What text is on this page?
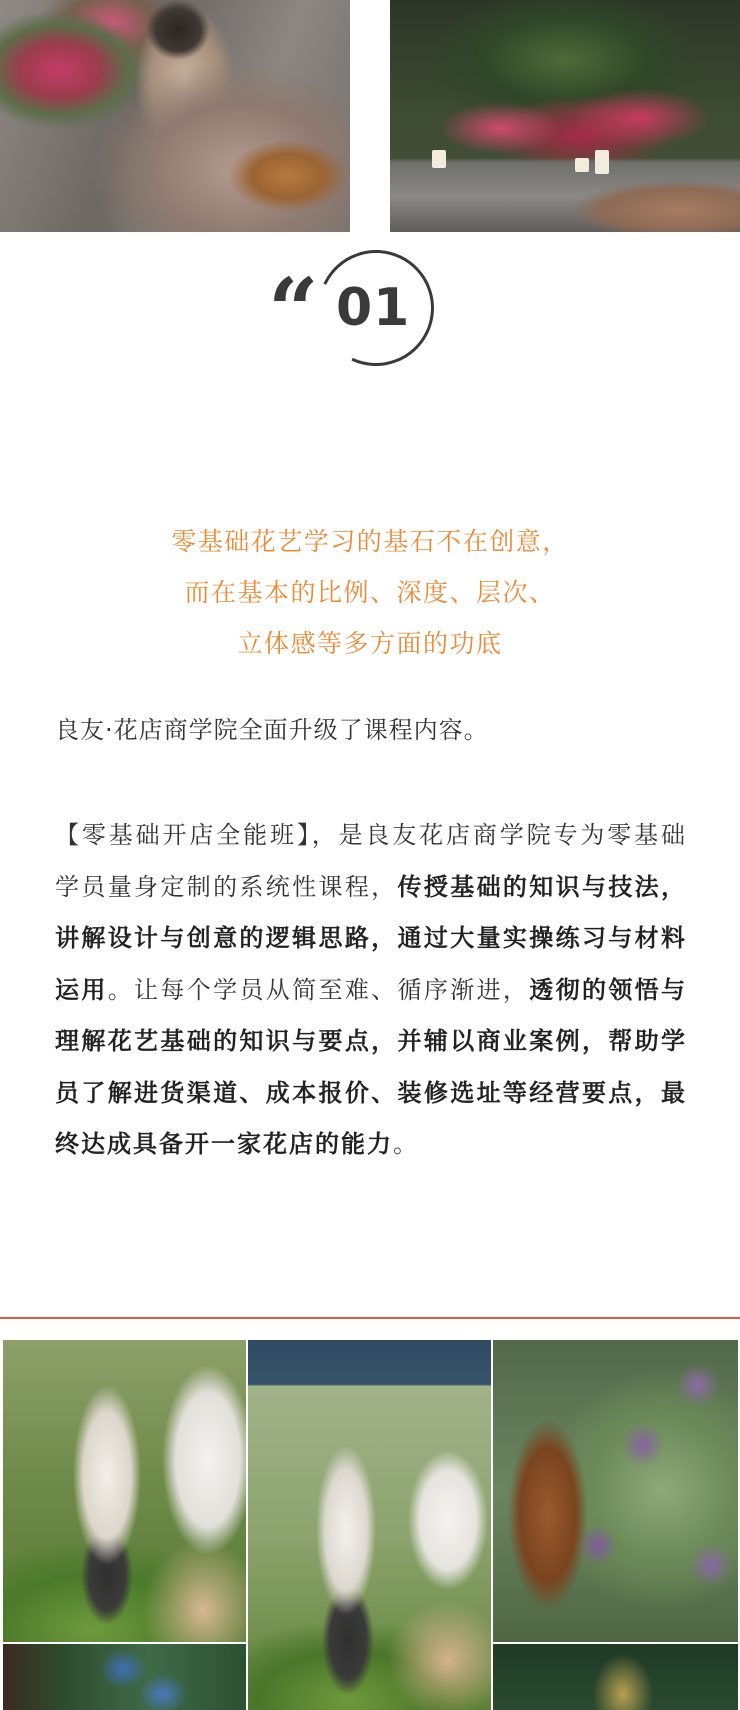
“ 01
零基础花艺学习的基石不在创意，
而在基本的比例、深度、层次、
立体感等多方面的功底
良友·花店商学院全面升级了课程内容。
【零基础开店全能班】，是良友花店商学院专为零基础学员量身定制的系统性课程，传授基础的知识与技法，讲解设计与创意的逻辑思路，通过大量实操练习与材料运用。让每个学员从简至难、循序渐进，透彻的领悟与理解花艺基础的知识与要点，并辅以商业案例，帮助学员了解进货渠道、成本报价、装修选址等经营要点，最终达成具备开一家花店的能力。
